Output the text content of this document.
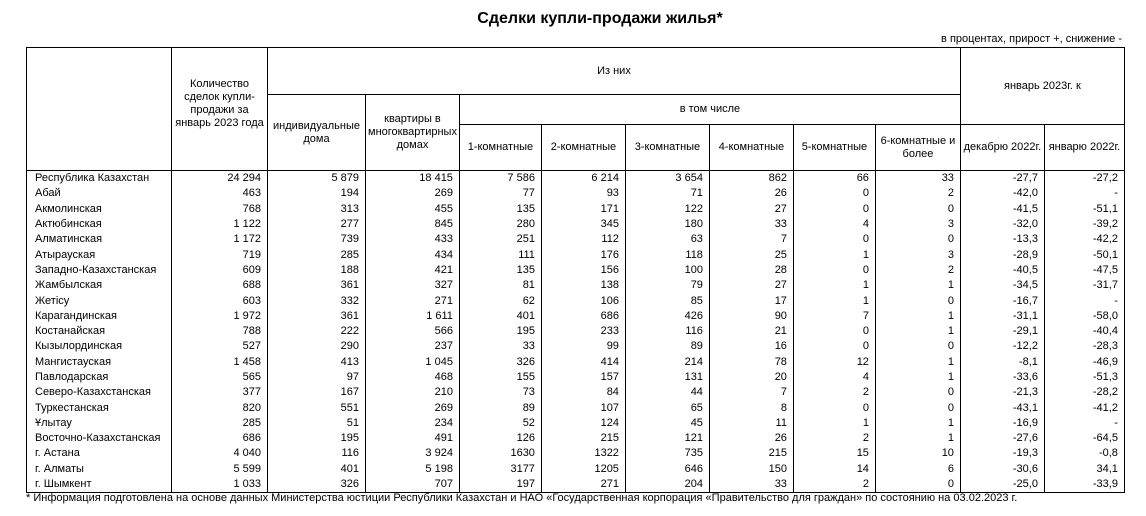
Сделки купли-продажи жилья*
в процентах, прирост +, снижение -
	Количество сделок купли-продажи за январь 2023 года	Из них								январь 2023г. к	
		индивидуальные дома	квартиры в многоквартирных домах	в том числе							
				1-комнатные	2-комнатные	3-комнатные	4-комнатные	5-комнатные	6-комнатные и более	декабрю 2022г.	январю 2022г.
Республика Казахстан	24 294	5 879	18 415	7 586	6 214	3 654	862	66	33	-27,7	-27,2
Абай	463	194	269	77	93	71	26	0	2	-42,0	-
Акмолинская	768	313	455	135	171	122	27	0	0	-41,5	-51,1
Актюбинская	1 122	277	845	280	345	180	33	4	3	-32,0	-39,2
Алматинская	1 172	739	433	251	112	63	7	0	0	-13,3	-42,2
Атырауская	719	285	434	111	176	118	25	1	3	-28,9	-50,1
Западно-Казахстанская	609	188	421	135	156	100	28	0	2	-40,5	-47,5
Жамбылская	688	361	327	81	138	79	27	1	1	-34,5	-31,7
Жетісу	603	332	271	62	106	85	17	1	0	-16,7	-
Карагандинская	1 972	361	1 611	401	686	426	90	7	1	-31,1	-58,0
Костанайская	788	222	566	195	233	116	21	0	1	-29,1	-40,4
Кызылординская	527	290	237	33	99	89	16	0	0	-12,2	-28,3
Мангистауская	1 458	413	1 045	326	414	214	78	12	1	-8,1	-46,9
Павлодарская	565	97	468	155	157	131	20	4	1	-33,6	-51,3
Северо-Казахстанская	377	167	210	73	84	44	7	2	0	-21,3	-28,2
Туркестанская	820	551	269	89	107	65	8	0	0	-43,1	-41,2
Ұлытау	285	51	234	52	124	45	11	1	1	-16,9	-
Восточно-Казахстанская	686	195	491	126	215	121	26	2	1	-27,6	-64,5
г. Астана	4 040	116	3 924	1630	1322	735	215	15	10	-19,3	-0,8
г. Алматы	5 599	401	5 198	3177	1205	646	150	14	6	-30,6	34,1
г. Шымкент	1 033	326	707	197	271	204	33	2	0	-25,0	-33,9
* Информация подготовлена на основе данных Министерства юстиции Республики Казахстан и НАО «Государственная корпорация «Правительство для граждан» по состоянию на 03.02.2023 г.
